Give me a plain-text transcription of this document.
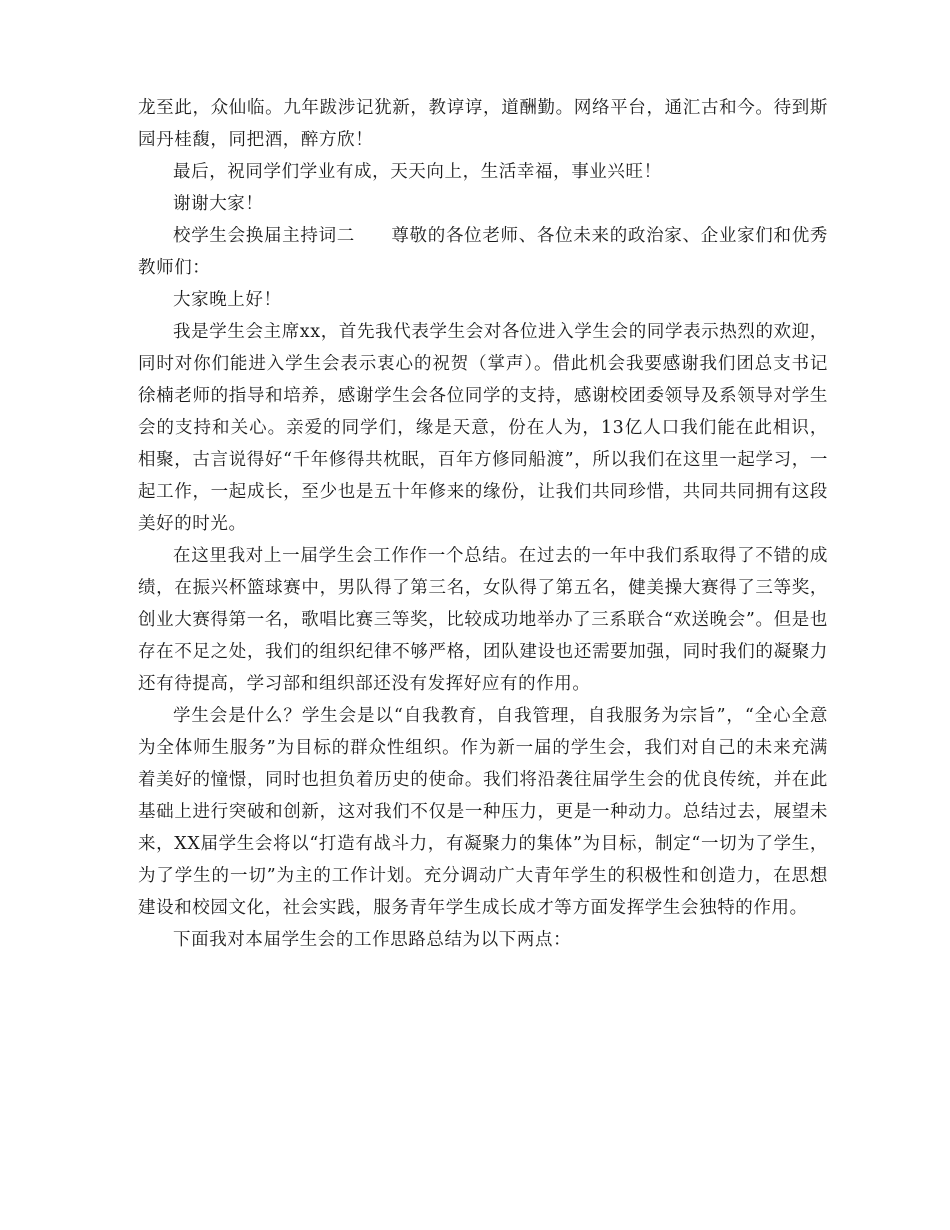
龙至此，众仙临。九年跋涉记犹新，教谆谆，道酬勤。网络平台，通汇古和今。待到斯园丹桂馥，同把酒，醉方欣！

最后，祝同学们学业有成，天天向上，生活幸福，事业兴旺！

谢谢大家！

校学生会换届主持词二　　尊敬的各位老师、各位未来的政治家、企业家们和优秀教师们：

大家晚上好！

我是学生会主席xx，首先我代表学生会对各位进入学生会的同学表示热烈的欢迎，同时对你们能进入学生会表示衷心的祝贺（掌声）。借此机会我要感谢我们团总支书记徐楠老师的指导和培养，感谢学生会各位同学的支持，感谢校团委领导及系领导对学生会的支持和关心。亲爱的同学们，缘是天意，份在人为，13亿人口我们能在此相识，相聚，古言说得好“千年修得共枕眠，百年方修同船渡”，所以我们在这里一起学习，一起工作，一起成长，至少也是五十年修来的缘份，让我们共同珍惜，共同共同拥有这段美好的时光。

在这里我对上一届学生会工作作一个总结。在过去的一年中我们系取得了不错的成绩，在振兴杯篮球赛中，男队得了第三名，女队得了第五名，健美操大赛得了三等奖，创业大赛得第一名，歌唱比赛三等奖，比较成功地举办了三系联合“欢送晚会”。但是也存在不足之处，我们的组织纪律不够严格，团队建设也还需要加强，同时我们的凝聚力还有待提高，学习部和组织部还没有发挥好应有的作用。

学生会是什么？学生会是以“自我教育，自我管理，自我服务为宗旨”，“全心全意为全体师生服务”为目标的群众性组织。作为新一届的学生会，我们对自己的未来充满着美好的憧憬，同时也担负着历史的使命。我们将沿袭往届学生会的优良传统，并在此基础上进行突破和创新，这对我们不仅是一种压力，更是一种动力。总结过去，展望未来，XX届学生会将以“打造有战斗力，有凝聚力的集体”为目标，制定“一切为了学生，为了学生的一切”为主的工作计划。充分调动广大青年学生的积极性和创造力，在思想建设和校园文化，社会实践，服务青年学生成长成才等方面发挥学生会独特的作用。

下面我对本届学生会的工作思路总结为以下两点：
